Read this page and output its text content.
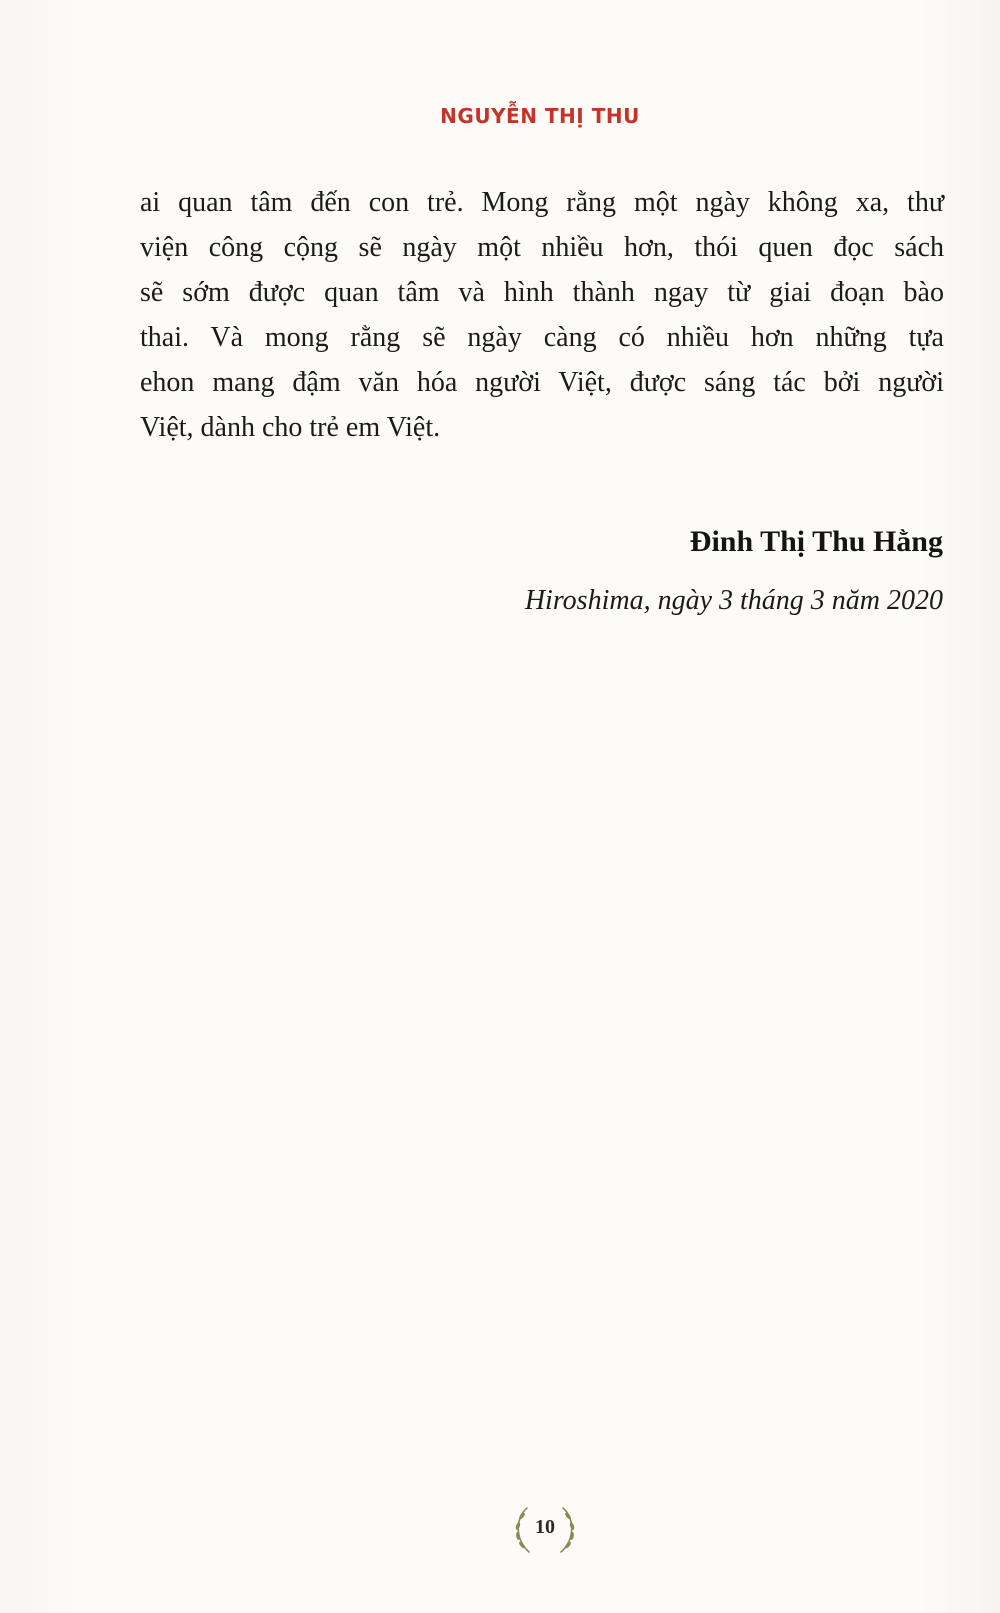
NGUYỄN THỊ THU

ai quan tâm đến con trẻ. Mong rằng một ngày không xa, thư
viện công cộng sẽ ngày một nhiều hơn, thói quen đọc sách
sẽ sớm được quan tâm và hình thành ngay từ giai đoạn bào
thai. Và mong rằng sẽ ngày càng có nhiều hơn những tựa
ehon mang đậm văn hóa người Việt, được sáng tác bởi người
Việt, dành cho trẻ em Việt.

Đinh Thị Thu Hằng
Hiroshima, ngày 3 tháng 3 năm 2020
10
